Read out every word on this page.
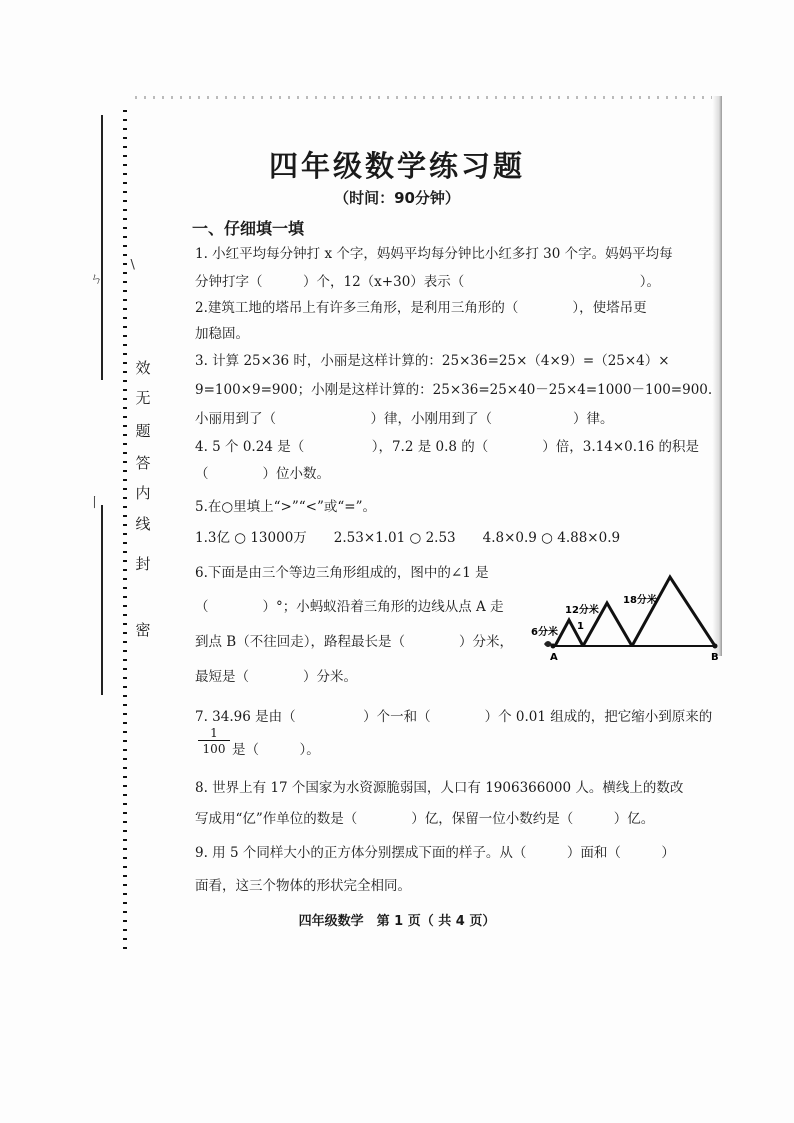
ㄣ
∖
丨
效
无
题
答
内
线
封
密
四年级数学练习题
（时间：90分钟）
一、仔细填一填
1. 小红平均每分钟打 x 个字，妈妈平均每分钟比小红多打 30 个字。妈妈平均每
分钟打字（　　　）个，12（x+30）表示（　　　　　　　　　　　　　）。
2.建筑工地的塔吊上有许多三角形，是利用三角形的（　　　　），使塔吊更
加稳固。
3. 计算 25×36 时，小丽是这样计算的：25×36=25×（4×9）=（25×4）×
9=100×9=900；小刚是这样计算的：25×36=25×40－25×4=1000－100=900.
小丽用到了（　　　　　　　）律，小刚用到了（　　　　　　）律。
4. 5 个 0.24 是（　　　　　），7.2 是 0.8 的（　　　　）倍，3.14×0.16 的积是
（　　　　）位小数。
5.在○里填上“>”“<”或“=”。
1.3亿 ○ 13000万　　2.53×1.01 ○ 2.53　　4.8×0.9 ○ 4.88×0.9
6.下面是由三个等边三角形组成的，图中的∠1 是
（　　　　）°；小蚂蚁沿着三角形的边线从点 A 走
到点 B（不往回走），路程最长是（　　　　）分米，
最短是（　　　　）分米。
7. 34.96 是由（　　　　　）个一和（　　　　）个 0.01 组成的，把它缩小到原来的
$\frac{1}{100}$ 是（　　　）。
8. 世界上有 17 个国家为水资源脆弱国，人口有 1906366000 人。横线上的数改
写成用“亿”作单位的数是（　　　　）亿，保留一位小数约是（　　　）亿。
9. 用 5 个同样大小的正方体分别摆成下面的样子。从（　　　）面和（　　　）
面看，这三个物体的形状完全相同。
6分米
12分米
18分米
1
A	B
四年级数学　第 1 页（ 共 4 页）
